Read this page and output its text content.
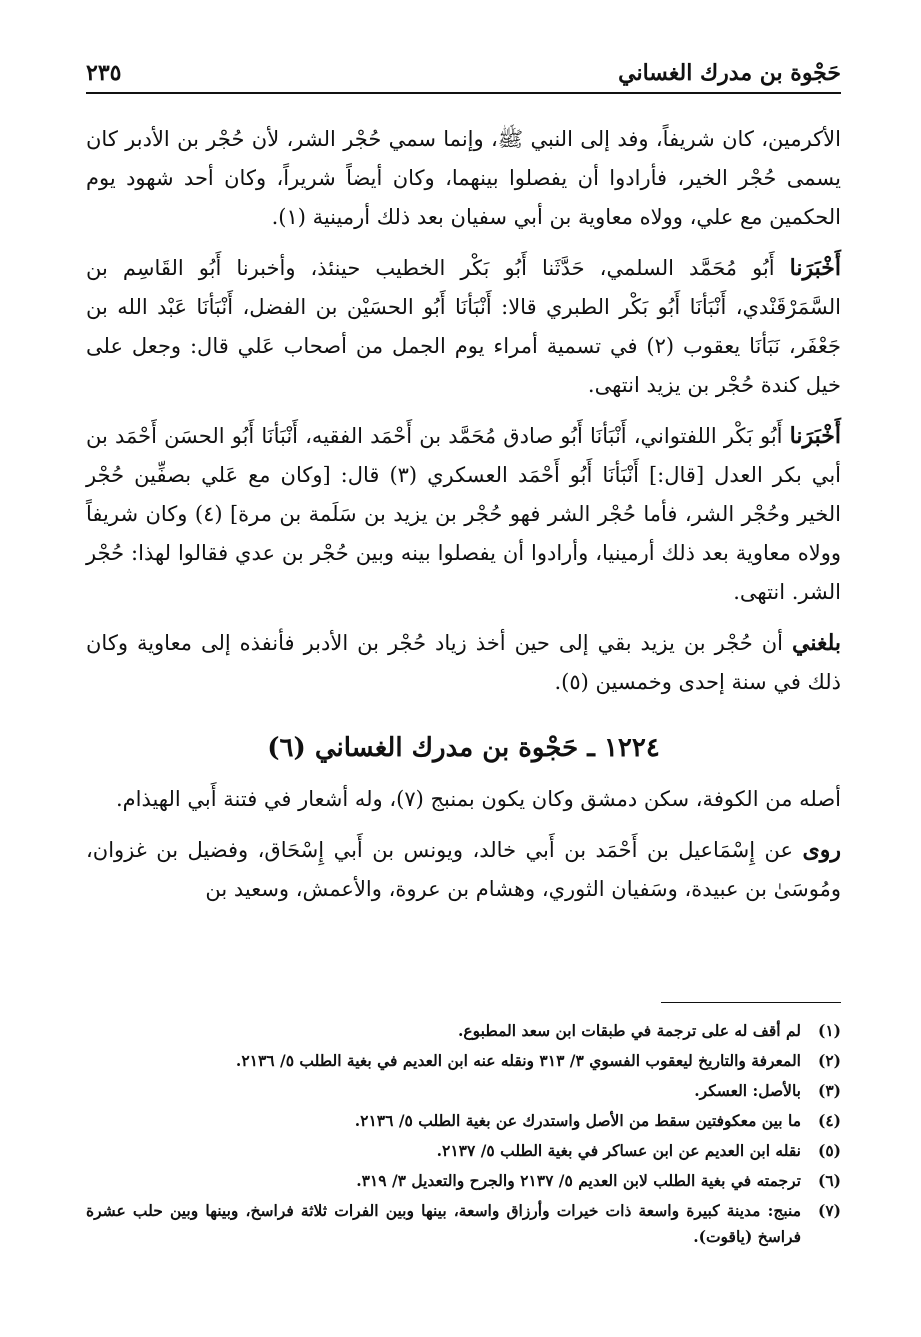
حَجْوة بن مدرك الغساني
٢٣٥

الأكرمين، كان شريفاً، وفد إلى النبي ﷺ، وإنما سمي حُجْر الشر، لأن حُجْر بن الأدبر كان يسمى حُجْر الخير، فأرادوا أن يفصلوا بينهما، وكان أيضاً شريراً، وكان أحد شهود يوم الحكمين مع علي، وولاه معاوية بن أبي سفيان بعد ذلك أرمينية (١).

أَخْبَرَنا أَبُو مُحَمَّد السلمي، حَدَّثَنا أَبُو بَكْر الخطيب حينئذ، وأخبرنا أَبُو القَاسِم بن السَّمَرْقَنْدي، أَنْبَأنَا أَبُو بَكْر الطبري قالا: أَنْبَأنَا أَبُو الحسَيْن بن الفضل، أَنْبَأنَا عَبْد الله بن جَعْفَر، نَبَأنَا يعقوب (٢) في تسمية أمراء يوم الجمل من أصحاب عَلي قال: وجعل على خيل كندة حُجْر بن يزيد انتهى.

أَخْبَرَنا أَبُو بَكْر اللفتواني، أَنْبَأنَا أَبُو صادق مُحَمَّد بن أَحْمَد الفقيه، أَنْبَأنَا أَبُو الحسَن أَحْمَد بن أبي بكر العدل [قال:] أَنْبَأنَا أَبُو أَحْمَد العسكري (٣) قال: [وكان مع عَلي بصفِّين حُجْر الخير وحُجْر الشر، فأما حُجْر الشر فهو حُجْر بن يزيد بن سَلَمة بن مرة] (٤) وكان شريفاً وولاه معاوية بعد ذلك أرمينيا، وأرادوا أن يفصلوا بينه وبين حُجْر بن عدي فقالوا لهذا: حُجْر الشر. انتهى.

بلغني أن حُجْر بن يزيد بقي إلى حين أخذ زياد حُجْر بن الأدبر فأنفذه إلى معاوية وكان ذلك في سنة إحدى وخمسين (٥).

١٢٢٤ ـ حَجْوة بن مدرك الغساني (٦)

أصله من الكوفة، سكن دمشق وكان يكون بمنبج (٧)، وله أشعار في فتنة أَبي الهيذام.

روى عن إِسْمَاعيل بن أَحْمَد بن أَبي خالد، ويونس بن أَبي إِسْحَاق، وفضيل بن غزوان، ومُوسَىٰ بن عبيدة، وسَفيان الثوري، وهشام بن عروة، والأعمش، وسعيد بن

(١)
لم أقف له على ترجمة في طبقات ابن سعد المطبوع.
(٢)
المعرفة والتاريخ ليعقوب الفسوي ٣/ ٣١٣ ونقله عنه ابن العديم في بغية الطلب ٥/ ٢١٣٦.
(٣)
بالأصل: العسكر.
(٤)
ما بين معكوفتين سقط من الأصل واستدرك عن بغية الطلب ٥/ ٢١٣٦.
(٥)
نقله ابن العديم عن ابن عساكر في بغية الطلب ٥/ ٢١٣٧.
(٦)
ترجمته في بغية الطلب لابن العديم ٥/ ٢١٣٧ والجرح والتعديل ٣/ ٣١٩.
(٧)
منبج: مدينة كبيرة واسعة ذات خيرات وأرزاق واسعة، بينها وبين الفرات ثلاثة فراسخ، وبينها وبين حلب عشرة فراسخ (ياقوت).
